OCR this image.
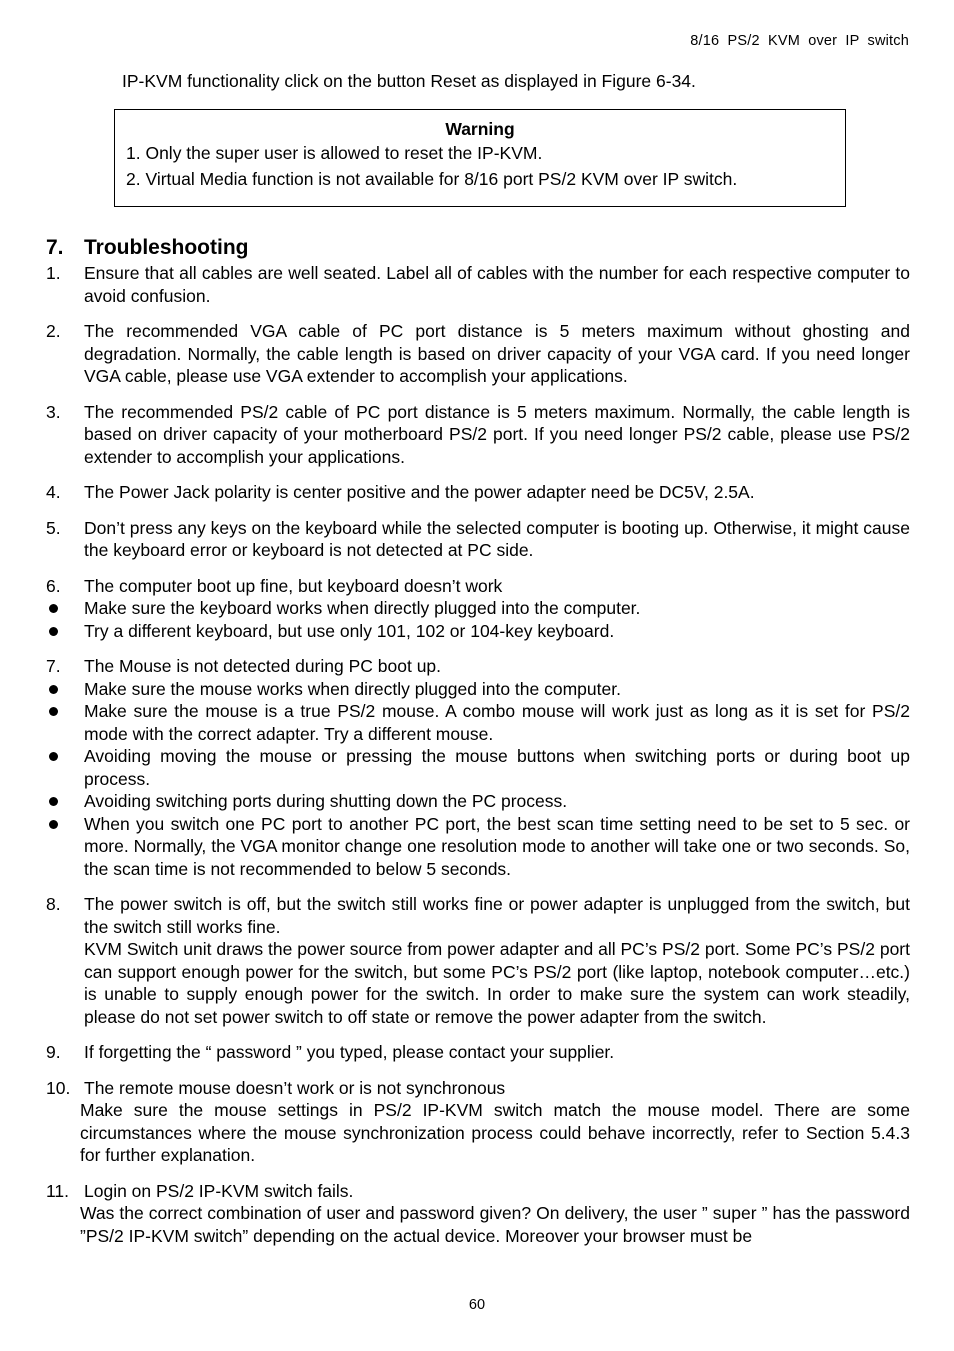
8/16 PS/2 KVM over IP switch
IP-KVM functionality click on the button Reset as displayed in Figure 6-34.
Warning
1. Only the super user is allowed to reset the IP-KVM.
2. Virtual Media function is not available for 8/16 port PS/2 KVM over IP switch.
7. Troubleshooting
1. Ensure that all cables are well seated. Label all of cables with the number for each respective computer to avoid confusion.
2. The recommended VGA cable of PC port distance is 5 meters maximum without ghosting and degradation. Normally, the cable length is based on driver capacity of your VGA card. If you need longer VGA cable, please use VGA extender to accomplish your applications.
3. The recommended PS/2 cable of PC port distance is 5 meters maximum. Normally, the cable length is based on driver capacity of your motherboard PS/2 port. If you need longer PS/2 cable, please use PS/2 extender to accomplish your applications.
4. The Power Jack polarity is center positive and the power adapter need be DC5V, 2.5A.
5. Don’t press any keys on the keyboard while the selected computer is booting up. Otherwise, it might cause the keyboard error or keyboard is not detected at PC side.
6. The computer boot up fine, but keyboard doesn’t work
Make sure the keyboard works when directly plugged into the computer.
Try a different keyboard, but use only 101, 102 or 104-key keyboard.
7. The Mouse is not detected during PC boot up.
Make sure the mouse works when directly plugged into the computer.
Make sure the mouse is a true PS/2 mouse. A combo mouse will work just as long as it is set for PS/2 mode with the correct adapter. Try a different mouse.
Avoiding moving the mouse or pressing the mouse buttons when switching ports or during boot up process.
Avoiding switching ports during shutting down the PC process.
When you switch one PC port to another PC port, the best scan time setting need to be set to 5 sec. or more. Normally, the VGA monitor change one resolution mode to another will take one or two seconds. So, the scan time is not recommended to below 5 seconds.
8. The power switch is off, but the switch still works fine or power adapter is unplugged from the switch, but the switch still works fine.
KVM Switch unit draws the power source from power adapter and all PC’s PS/2 port. Some PC’s PS/2 port can support enough power for the switch, but some PC’s PS/2 port (like laptop, notebook computer…etc.) is unable to supply enough power for the switch. In order to make sure the system can work steadily, please do not set power switch to off state or remove the power adapter from the switch.
9. If forgetting the “ password ” you typed, please contact your supplier.
10. The remote mouse doesn’t work or is not synchronous
Make sure the mouse settings in PS/2 IP-KVM switch match the mouse model. There are some circumstances where the mouse synchronization process could behave incorrectly, refer to Section 5.4.3 for further explanation.
11. Login on PS/2 IP-KVM switch fails.
Was the correct combination of user and password given? On delivery, the user ” super ” has the password ”PS/2 IP-KVM switch” depending on the actual device. Moreover your browser must be
60
